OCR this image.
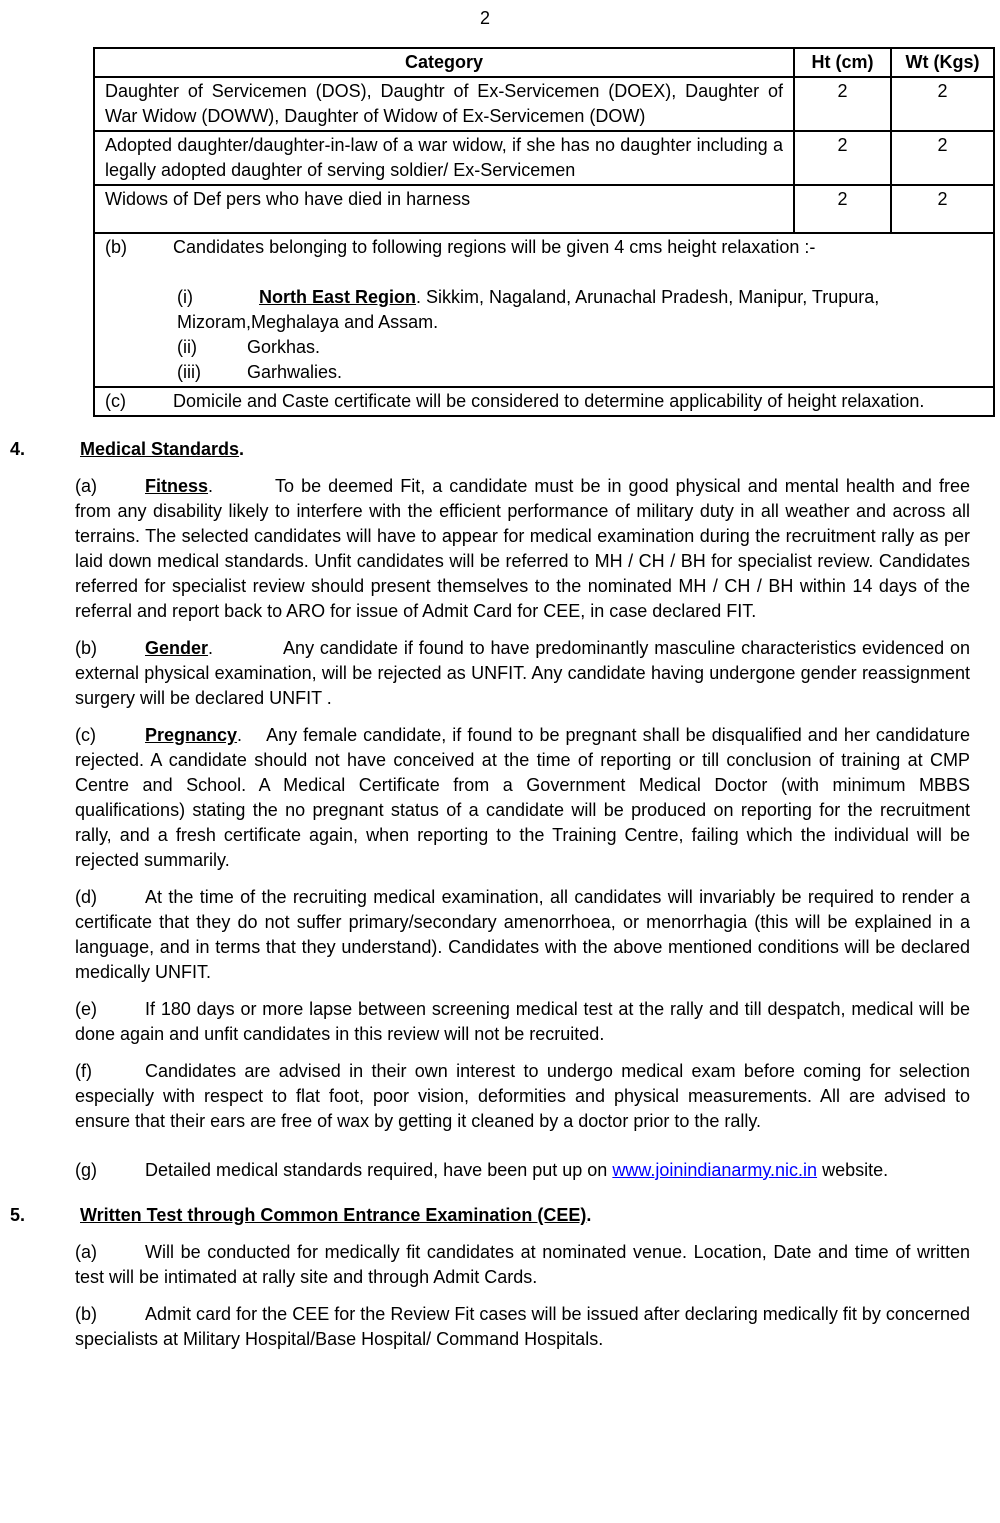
2
Category	Ht (cm)	Wt (Kgs)
Daughter of Servicemen (DOS), Daughtr of Ex-Servicemen (DOEX), Daughter of War Widow (DOWW), Daughter of Widow of Ex-Servicemen (DOW)	2	2
Adopted daughter/daughter-in-law of a war widow, if she has no daughter including a legally adopted daughter of serving soldier/ Ex-Servicemen	2	2
Widows of Def pers who have died in harness	2	2

(b) Candidates belonging to following regions will be given 4 cms height relaxation :-
(i) North East Region. Sikkim, Nagaland, Arunachal Pradesh, Manipur, Trupura, Mizoram,Meghalaya and Assam.
(ii) Gorkhas.
(iii) Garhwalies.		

(c) Domicile and Caste certificate will be considered to determine applicability of height relaxation.		
4.	Medical Standards.
(a)	Fitness.	To be deemed Fit, a candidate must be in good physical and mental health and free from any disability likely to interfere with the efficient performance of military duty in all weather and across all terrains. The selected candidates will have to appear for medical examination during the recruitment rally as per laid down medical standards. Unfit candidates will be referred to MH / CH / BH for specialist review. Candidates referred for specialist review should present themselves to the nominated MH / CH / BH within 14 days of the referral and report back to ARO for issue of Admit Card for CEE, in case declared FIT.
(b)	Gender.	Any candidate if found to have predominantly masculine characteristics evidenced on external physical examination, will be rejected as UNFIT. Any candidate having undergone gender reassignment surgery will be declared UNFIT .
(c)	Pregnancy. Any female candidate, if found to be pregnant shall be disqualified and her candidature rejected. A candidate should not have conceived at the time of reporting or till conclusion of training at CMP Centre and School. A Medical Certificate from a Government Medical Doctor (with minimum MBBS qualifications) stating the no pregnant status of a candidate will be produced on reporting for the recruitment rally, and a fresh certificate again, when reporting to the Training Centre, failing which the individual will be rejected summarily.
(d)	At the time of the recruiting medical examination, all candidates will invariably be required to render a certificate that they do not suffer primary/secondary amenorrhoea, or menorrhagia (this will be explained in a language, and in terms that they understand). Candidates with the above mentioned conditions will be declared medically UNFIT.
(e)	If 180 days or more lapse between screening medical test at the rally and till despatch, medical will be done again and unfit candidates in this review will not be recruited.
(f)	Candidates are advised in their own interest to undergo medical exam before coming for selection especially with respect to flat foot, poor vision, deformities and physical measurements. All are advised to ensure that their ears are free of wax by getting it cleaned by a doctor prior to the rally.
(g)	Detailed medical standards required, have been put up on www.joinindianarmy.nic.in website.
5.	Written Test through Common Entrance Examination (CEE).
(a)	Will be conducted for medically fit candidates at nominated venue. Location, Date and time of written test will be intimated at rally site and through Admit Cards.
(b)	Admit card for the CEE for the Review Fit cases will be issued after declaring medically fit by concerned specialists at Military Hospital/Base Hospital/ Command Hospitals.
